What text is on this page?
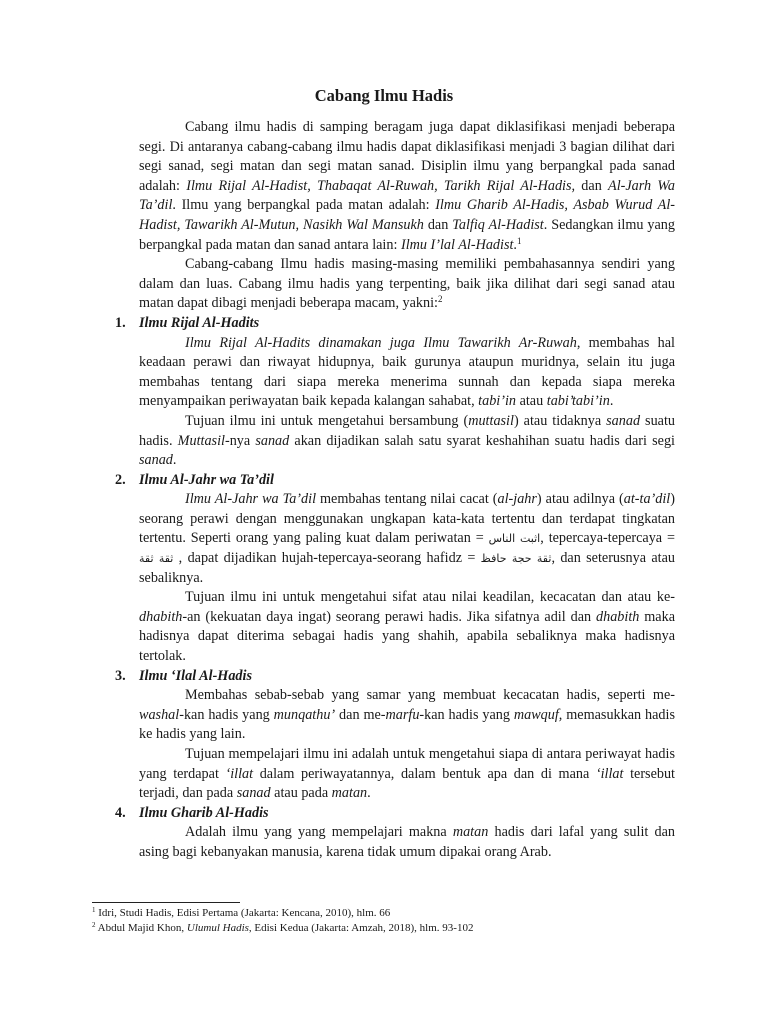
Cabang Ilmu Hadis

Cabang ilmu hadis di samping beragam juga dapat diklasifikasi menjadi beberapa segi. Di antaranya cabang-cabang ilmu hadis dapat diklasifikasi menjadi 3 bagian dilihat dari segi sanad, segi matan dan segi matan sanad. Disiplin ilmu yang berpangkal pada sanad adalah: Ilmu Rijal Al-Hadist, Thabaqat Al-Ruwah, Tarikh Rijal Al-Hadis, dan Al-Jarh Wa Ta’dil. Ilmu yang berpangkal pada matan adalah: Ilmu Gharib Al-Hadis, Asbab Wurud Al-Hadist, Tawarikh Al-Mutun, Nasikh Wal Mansukh dan Talfiq Al-Hadist. Sedangkan ilmu yang berpangkal pada matan dan sanad antara lain: Ilmu I’lal Al-Hadist.$^1$

Cabang-cabang Ilmu hadis masing-masing memiliki pembahasannya sendiri yang dalam dan luas. Cabang ilmu hadis yang terpenting, baik jika dilihat dari segi sanad atau matan dapat dibagi menjadi beberapa macam, yakni:$^2$

1. Ilmu Rijal Al-Hadits

Ilmu Rijal Al-Hadits dinamakan juga Ilmu Tawarikh Ar-Ruwah, membahas hal keadaan perawi dan riwayat hidupnya, baik gurunya ataupun muridnya, selain itu juga membahas tentang dari siapa mereka menerima sunnah dan kepada siapa mereka menyampaikan periwayatan baik kepada kalangan sahabat, tabi’in atau tabi’tabi’in.

Tujuan ilmu ini untuk mengetahui bersambung (muttasil) atau tidaknya sanad suatu hadis. Muttasil-nya sanad akan dijadikan salah satu syarat keshahihan suatu hadis dari segi sanad.

2. Ilmu Al-Jahr wa Ta’dil

Ilmu Al-Jahr wa Ta’dil membahas tentang nilai cacat (al-jahr) atau adilnya (at-ta’dil) seorang perawi dengan menggunakan ungkapan kata-kata tertentu dan terdapat tingkatan tertentu. Seperti orang yang paling kuat dalam periwatan = اثبت الناس, tepercaya-tepercaya = ثقة ثقة , dapat dijadikan hujah-tepercaya-seorang hafidz = ثقة حجة حافظ, dan seterusnya atau sebaliknya.

Tujuan ilmu ini untuk mengetahui sifat atau nilai keadilan, kecacatan dan atau ke-dhabith-an (kekuatan daya ingat) seorang perawi hadis. Jika sifatnya adil dan dhabith maka hadisnya dapat diterima sebagai hadis yang shahih, apabila sebaliknya maka hadisnya tertolak.

3. Ilmu ‘Ilal Al-Hadis

Membahas sebab-sebab yang samar yang membuat kecacatan hadis, seperti me-washal-kan hadis yang munqathu’ dan me-marfu-kan hadis yang mawquf, memasukkan hadis ke hadis yang lain.

Tujuan mempelajari ilmu ini adalah untuk mengetahui siapa di antara periwayat hadis yang terdapat ‘illat dalam periwayatannya, dalam bentuk apa dan di mana ‘illat tersebut terjadi, dan pada sanad atau pada matan.

4. Ilmu Gharib Al-Hadis

Adalah ilmu yang yang mempelajari makna matan hadis dari lafal yang sulit dan asing bagi kebanyakan manusia, karena tidak umum dipakai orang Arab.

$^1$ Idri, Studi Hadis, Edisi Pertama (Jakarta: Kencana, 2010), hlm. 66
$^2$ Abdul Majid Khon, Ulumul Hadis, Edisi Kedua (Jakarta: Amzah, 2018), hlm. 93-102
